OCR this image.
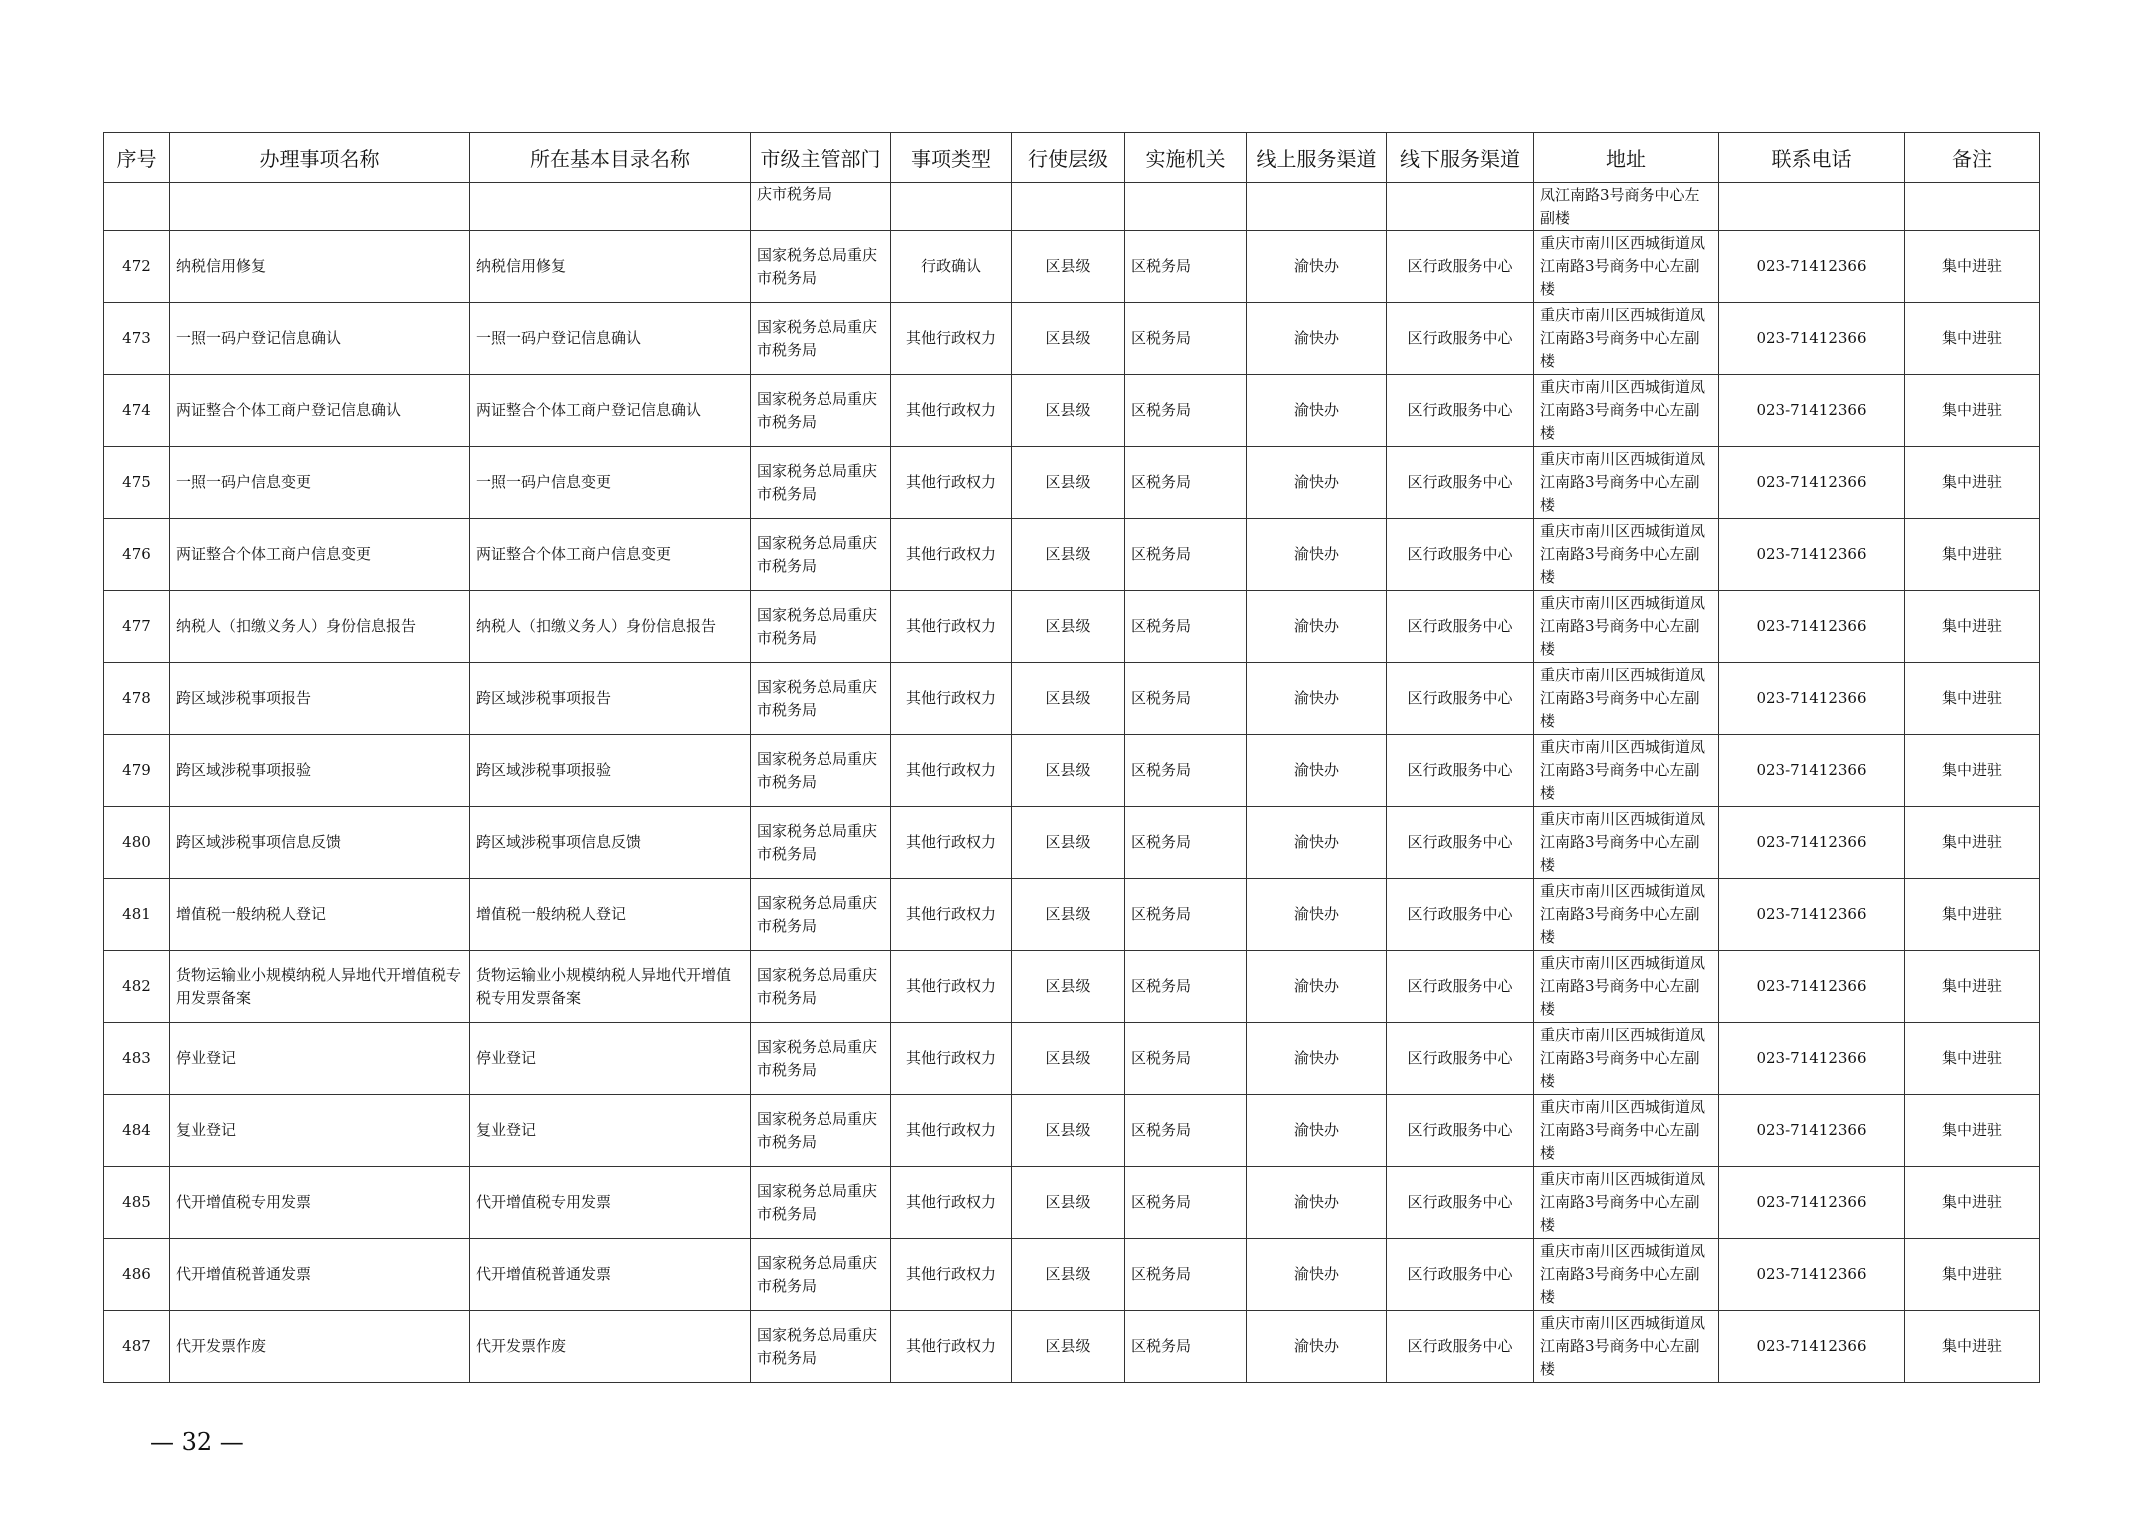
序号	办理事项名称	所在基本目录名称	市级主管部门	事项类型	行使层级	实施机关	线上服务渠道	线下服务渠道	地址	联系电话	备注
			庆市税务局						凤江南路3号商务中心左副楼		
472	纳税信用修复	纳税信用修复	国家税务总局重庆市税务局	行政确认	区县级	区税务局	渝快办	区行政服务中心	重庆市南川区西城街道凤江南路3号商务中心左副楼	023-71412366	集中进驻
473	一照一码户登记信息确认	一照一码户登记信息确认	国家税务总局重庆市税务局	其他行政权力	区县级	区税务局	渝快办	区行政服务中心	重庆市南川区西城街道凤江南路3号商务中心左副楼	023-71412366	集中进驻
474	两证整合个体工商户登记信息确认	两证整合个体工商户登记信息确认	国家税务总局重庆市税务局	其他行政权力	区县级	区税务局	渝快办	区行政服务中心	重庆市南川区西城街道凤江南路3号商务中心左副楼	023-71412366	集中进驻
475	一照一码户信息变更	一照一码户信息变更	国家税务总局重庆市税务局	其他行政权力	区县级	区税务局	渝快办	区行政服务中心	重庆市南川区西城街道凤江南路3号商务中心左副楼	023-71412366	集中进驻
476	两证整合个体工商户信息变更	两证整合个体工商户信息变更	国家税务总局重庆市税务局	其他行政权力	区县级	区税务局	渝快办	区行政服务中心	重庆市南川区西城街道凤江南路3号商务中心左副楼	023-71412366	集中进驻
477	纳税人（扣缴义务人）身份信息报告	纳税人（扣缴义务人）身份信息报告	国家税务总局重庆市税务局	其他行政权力	区县级	区税务局	渝快办	区行政服务中心	重庆市南川区西城街道凤江南路3号商务中心左副楼	023-71412366	集中进驻
478	跨区域涉税事项报告	跨区域涉税事项报告	国家税务总局重庆市税务局	其他行政权力	区县级	区税务局	渝快办	区行政服务中心	重庆市南川区西城街道凤江南路3号商务中心左副楼	023-71412366	集中进驻
479	跨区域涉税事项报验	跨区域涉税事项报验	国家税务总局重庆市税务局	其他行政权力	区县级	区税务局	渝快办	区行政服务中心	重庆市南川区西城街道凤江南路3号商务中心左副楼	023-71412366	集中进驻
480	跨区域涉税事项信息反馈	跨区域涉税事项信息反馈	国家税务总局重庆市税务局	其他行政权力	区县级	区税务局	渝快办	区行政服务中心	重庆市南川区西城街道凤江南路3号商务中心左副楼	023-71412366	集中进驻
481	增值税一般纳税人登记	增值税一般纳税人登记	国家税务总局重庆市税务局	其他行政权力	区县级	区税务局	渝快办	区行政服务中心	重庆市南川区西城街道凤江南路3号商务中心左副楼	023-71412366	集中进驻
482	货物运输业小规模纳税人异地代开增值税专用发票备案	货物运输业小规模纳税人异地代开增值税专用发票备案	国家税务总局重庆市税务局	其他行政权力	区县级	区税务局	渝快办	区行政服务中心	重庆市南川区西城街道凤江南路3号商务中心左副楼	023-71412366	集中进驻
483	停业登记	停业登记	国家税务总局重庆市税务局	其他行政权力	区县级	区税务局	渝快办	区行政服务中心	重庆市南川区西城街道凤江南路3号商务中心左副楼	023-71412366	集中进驻
484	复业登记	复业登记	国家税务总局重庆市税务局	其他行政权力	区县级	区税务局	渝快办	区行政服务中心	重庆市南川区西城街道凤江南路3号商务中心左副楼	023-71412366	集中进驻
485	代开增值税专用发票	代开增值税专用发票	国家税务总局重庆市税务局	其他行政权力	区县级	区税务局	渝快办	区行政服务中心	重庆市南川区西城街道凤江南路3号商务中心左副楼	023-71412366	集中进驻
486	代开增值税普通发票	代开增值税普通发票	国家税务总局重庆市税务局	其他行政权力	区县级	区税务局	渝快办	区行政服务中心	重庆市南川区西城街道凤江南路3号商务中心左副楼	023-71412366	集中进驻
487	代开发票作废	代开发票作废	国家税务总局重庆市税务局	其他行政权力	区县级	区税务局	渝快办	区行政服务中心	重庆市南川区西城街道凤江南路3号商务中心左副楼	023-71412366	集中进驻
— 32 —
